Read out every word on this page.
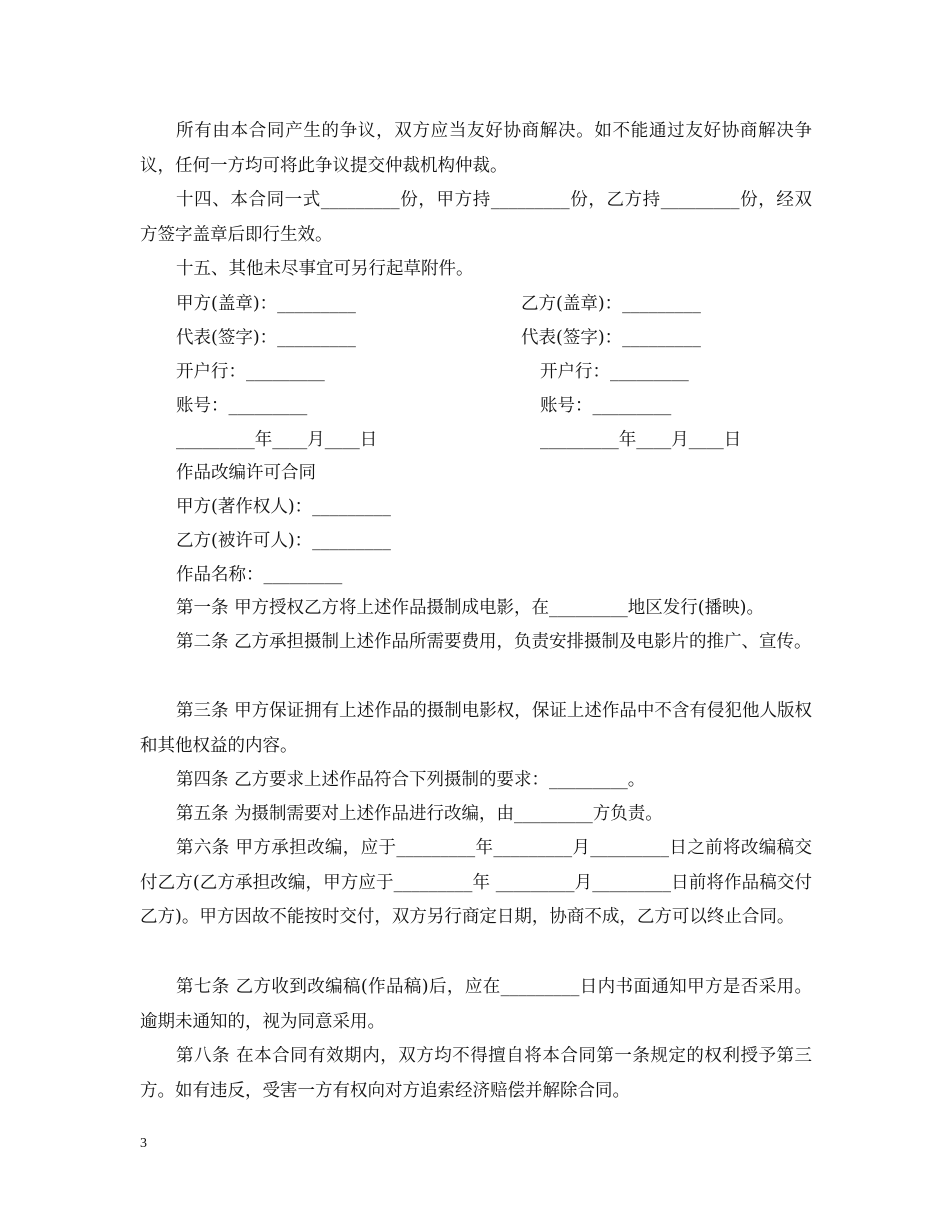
所有由本合同产生的争议，双方应当友好协商解决。如不能通过友好协商解决争议，任何一方均可将此争议提交仲裁机构仲裁。

十四、本合同一式_________份，甲方持_________份，乙方持_________份，经双方签字盖章后即行生效。

十五、其他未尽事宜可另行起草附件。

甲方(盖章)：_________	乙方(盖章)：_________

代表(签字)：_________	代表(签字)：_________

开户行：_________	开户行：_________

账号：_________	账号：_________

_________年____月____日	_________年____月____日

作品改编许可合同

甲方(著作权人)：_________

乙方(被许可人)：_________

作品名称：_________

第一条 甲方授权乙方将上述作品摄制成电影，在_________地区发行(播映)。

第二条 乙方承担摄制上述作品所需要费用，负责安排摄制及电影片的推广、宣传。

第三条 甲方保证拥有上述作品的摄制电影权，保证上述作品中不含有侵犯他人版权和其他权益的内容。

第四条 乙方要求上述作品符合下列摄制的要求：_________。

第五条 为摄制需要对上述作品进行改编，由_________方负责。

第六条 甲方承担改编，应于_________年_________月_________日之前将改编稿交付乙方(乙方承担改编，甲方应于_________年 _________月_________日前将作品稿交付乙方)。甲方因故不能按时交付，双方另行商定日期，协商不成，乙方可以终止合同。

第七条 乙方收到改编稿(作品稿)后，应在_________日内书面通知甲方是否采用。逾期未通知的，视为同意采用。

第八条 在本合同有效期内，双方均不得擅自将本合同第一条规定的权利授予第三方。如有违反，受害一方有权向对方追索经济赔偿并解除合同。

3
